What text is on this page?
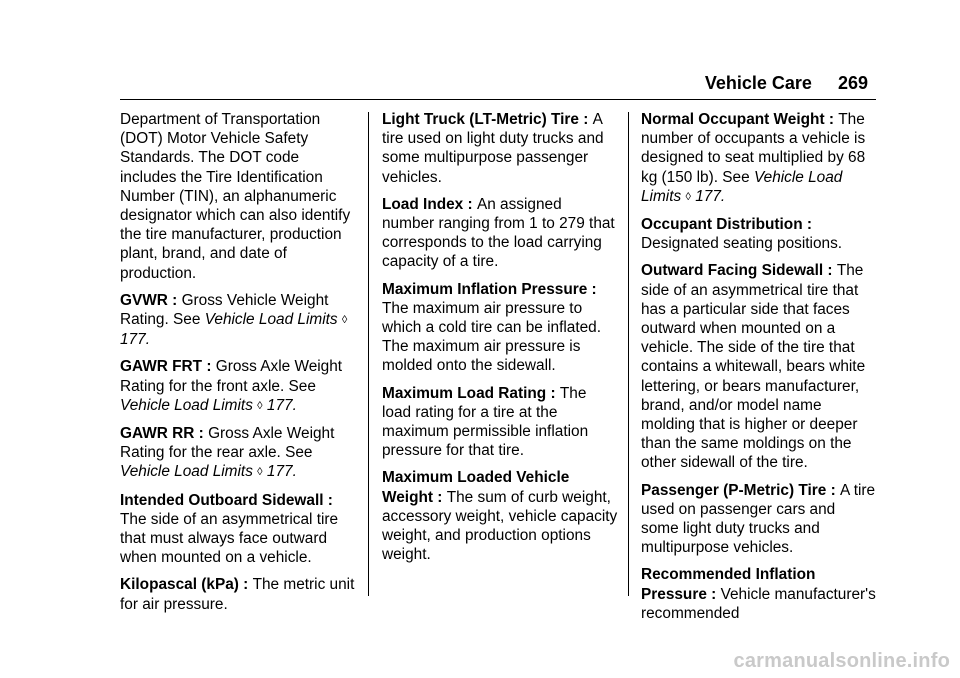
Vehicle Care 269

Department of Transportation (DOT) Motor Vehicle Safety Standards. The DOT code includes the Tire Identification Number (TIN), an alphanumeric designator which can also identify the tire manufacturer, production plant, brand, and date of production.

GVWR : Gross Vehicle Weight Rating. See Vehicle Load Limits ◊ 177.

GAWR FRT : Gross Axle Weight Rating for the front axle. See Vehicle Load Limits ◊ 177.

GAWR RR : Gross Axle Weight Rating for the rear axle. See Vehicle Load Limits ◊ 177.

Intended Outboard Sidewall : The side of an asymmetrical tire that must always face outward when mounted on a vehicle.

Kilopascal (kPa) : The metric unit for air pressure.

Light Truck (LT-Metric) Tire : A tire used on light duty trucks and some multipurpose passenger vehicles.

Load Index : An assigned number ranging from 1 to 279 that corresponds to the load carrying capacity of a tire.

Maximum Inflation Pressure : The maximum air pressure to which a cold tire can be inflated. The maximum air pressure is molded onto the sidewall.

Maximum Load Rating : The load rating for a tire at the maximum permissible inflation pressure for that tire.

Maximum Loaded Vehicle Weight : The sum of curb weight, accessory weight, vehicle capacity weight, and production options weight.

Normal Occupant Weight : The number of occupants a vehicle is designed to seat multiplied by 68 kg (150 lb). See Vehicle Load Limits ◊ 177.

Occupant Distribution : Designated seating positions.

Outward Facing Sidewall : The side of an asymmetrical tire that has a particular side that faces outward when mounted on a vehicle. The side of the tire that contains a whitewall, bears white lettering, or bears manufacturer, brand, and/or model name molding that is higher or deeper than the same moldings on the other sidewall of the tire.

Passenger (P-Metric) Tire : A tire used on passenger cars and some light duty trucks and multipurpose vehicles.

Recommended Inflation Pressure : Vehicle manufacturer's recommended

carmanualsonline.info
